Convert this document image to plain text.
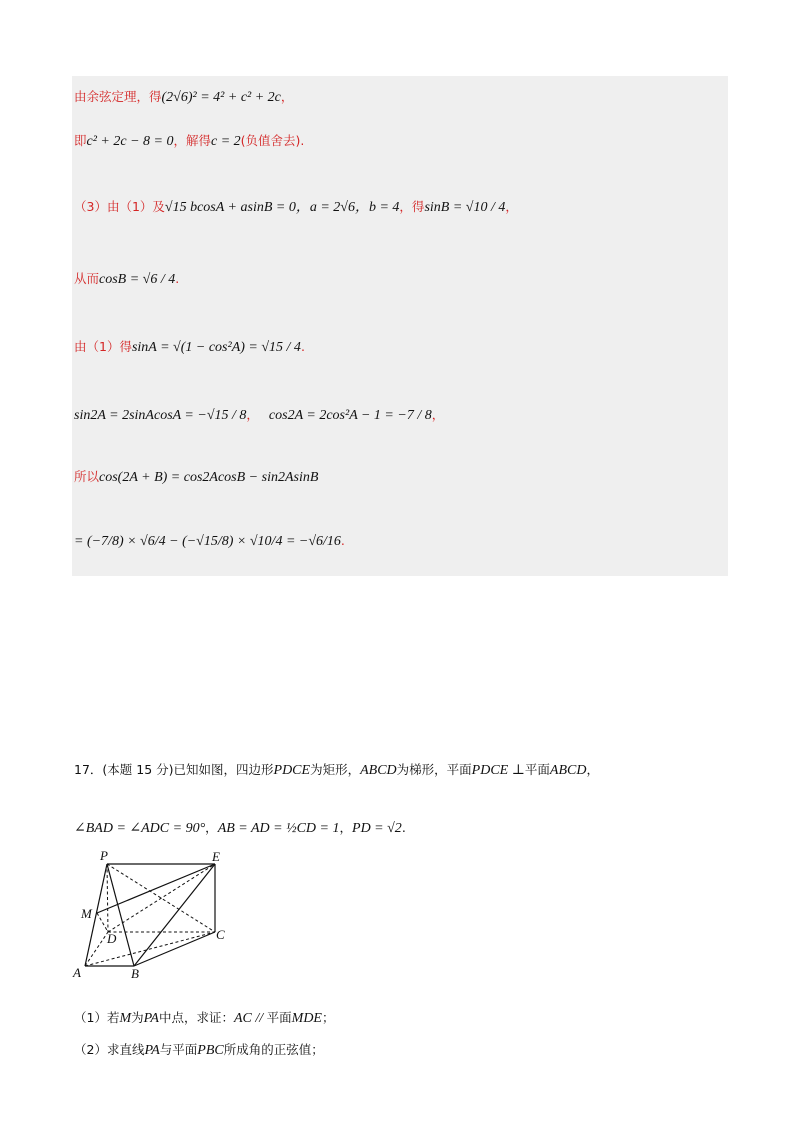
由余弦定理，得(2√6)² = 4² + c² + 2c，
即c² + 2c − 8 = 0，解得c = 2(负值舍去).
（3）由（1）及√15 bcosA + asinB = 0，a = 2√6，b = 4，得sinB = √10 / 4，
从而cosB = √6 / 4.
由（1）得sinA = √(1 − cos²A) = √15 / 4.
sin2A = 2sinAcosA = −√15 / 8， cos2A = 2cos²A − 1 = −7 / 8，
所以cos(2A + B) = cos2AcosB − sin2AsinB
= (−7/8) × √6/4 − (−√15/8) × √10/4 = −√6/16.
17．(本题 15 分)已知如图，四边形PDCE为矩形，ABCD为梯形，平面PDCE ⊥平面ABCD，
∠BAD = ∠ADC = 90°，AB = AD = ½CD = 1，PD = √2.
P	E
M
D	C
A	B
（1）若M为PA中点，求证：AC // 平面MDE；
（2）求直线PA与平面PBC所成角的正弦值；
